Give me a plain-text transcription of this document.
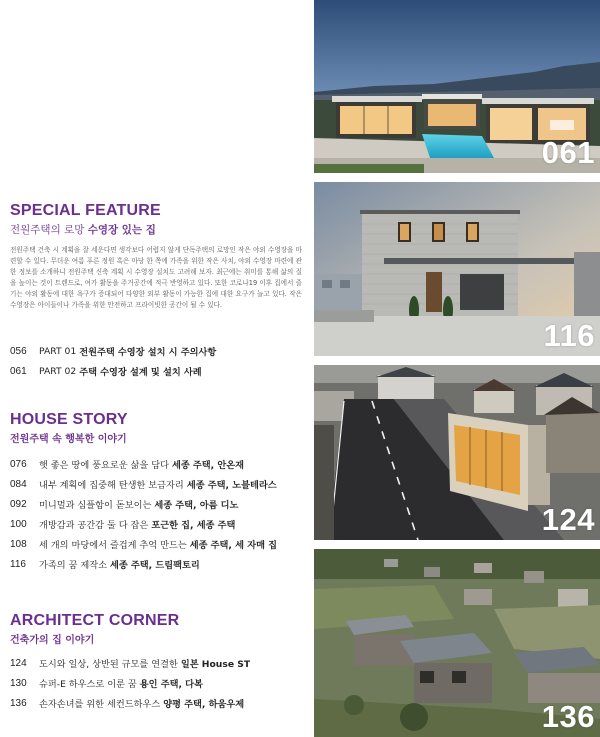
SPECIAL FEATURE
전원주택의 로망 수영장 있는 집

전원주택 건축 시 계획을 잘 세운다면 생각보다 어렵지 않게 단독주택의 로망인 작은 야외 수영장을 마련할 수 있다. 무더운 여름 푸른 정원 혹은 마당 한 쪽에 가족을 위한 작은 사치, 야외 수영장 마련에 관한 정보를 소개하니 전원주택 신축 계획 시 수영장 설치도 고려해 보자. 최근에는 취미를 통해 삶의 질을 높이는 것이 트렌드로, 여가 활동을 주거공간에 적극 반영하고 있다. 또한 코로나19 이후 집에서 즐기는 야외 활동에 대한 욕구가 증대되어 다양한 외부 활동이 가능한 집에 대한 요구가 늘고 있다. 작은 수영장은 아이들이나 가족을 위한 안전하고 프라이빗한 공간이 될 수 있다.

056	PART 01 전원주택 수영장 설치 시 주의사항
061	PART 02 주택 수영장 설계 및 설치 사례
HOUSE STORY
전원주택 속 행복한 이야기
076	햇 좋은 땅에 풍요로운 삶을 담다 세종 주택, 안온재
084	내부 계획에 집중해 탄생한 보금자리 세종 주택, 노블테라스
092	미니멀과 심플함이 돋보이는 세종 주택, 아름 디노
100	개방감과 공간감 둘 다 잡은 포근한 집, 세종 주택
108	세 개의 마당에서 즐겁게 추억 만드는 세종 주택, 세 자매 집
116	가족의 꿈 제작소 세종 주택, 드림팩토리
ARCHITECT CORNER
건축가의 집 이야기
124	도시와 일상, 상반된 규모를 연결한 일본 House ST
130	슈퍼-E 하우스로 이룬 꿈 용인 주택, 다복
136	손자손녀를 위한 세컨드하우스 양평 주택, 하움우제
061
116
124
136
